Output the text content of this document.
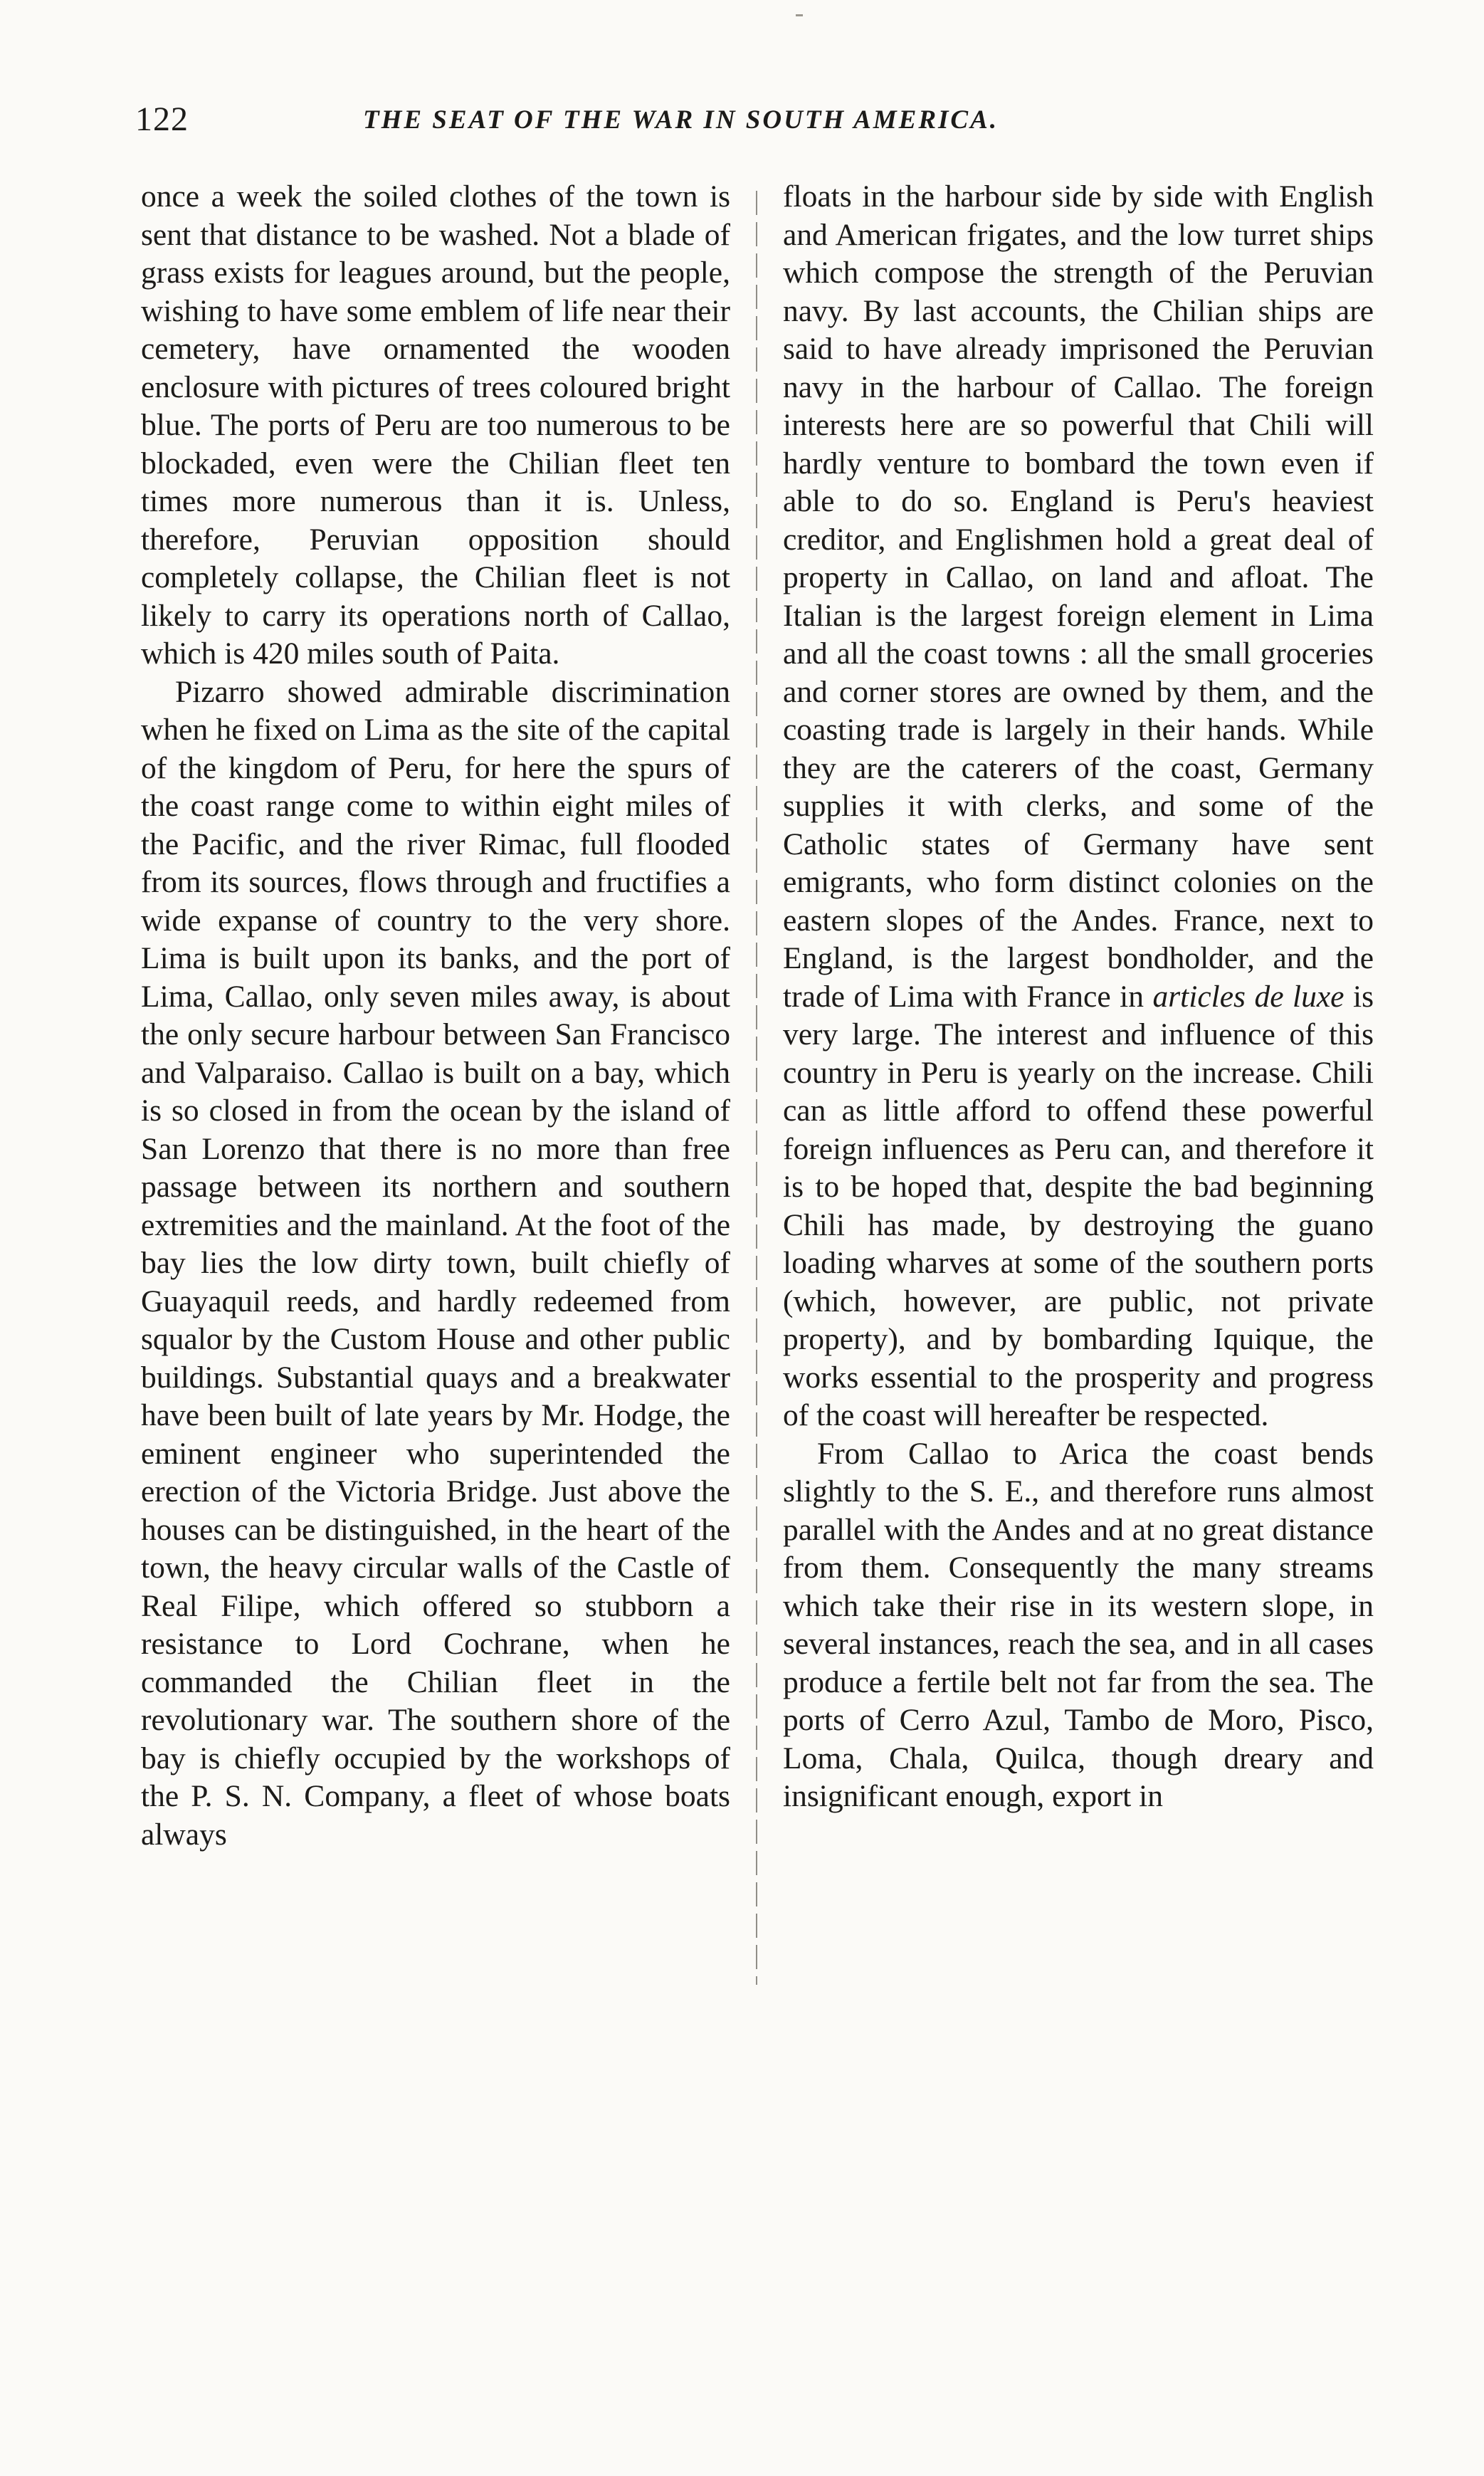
122	THE SEAT OF THE WAR IN SOUTH AMERICA.

once a week the soiled clothes of the town is sent that distance to be washed. Not a blade of grass exists for leagues around, but the people, wishing to have some emblem of life near their cemetery, have ornamented the wooden enclosure with pictures of trees coloured bright blue. The ports of Peru are too numerous to be blockaded, even were the Chilian fleet ten times more numerous than it is. Unless, therefore, Peruvian opposition should completely collapse, the Chilian fleet is not likely to carry its operations north of Callao, which is 420 miles south of Paita.

Pizarro showed admirable discrimination when he fixed on Lima as the site of the capital of the kingdom of Peru, for here the spurs of the coast range come to within eight miles of the Pacific, and the river Rimac, full flooded from its sources, flows through and fructifies a wide expanse of country to the very shore. Lima is built upon its banks, and the port of Lima, Callao, only seven miles away, is about the only secure harbour between San Francisco and Valparaiso. Callao is built on a bay, which is so closed in from the ocean by the island of San Lorenzo that there is no more than free passage between its northern and southern extremities and the mainland. At the foot of the bay lies the low dirty town, built chiefly of Guayaquil reeds, and hardly redeemed from squalor by the Custom House and other public buildings. Substantial quays and a breakwater have been built of late years by Mr. Hodge, the eminent engineer who superintended the erection of the Victoria Bridge. Just above the houses can be distinguished, in the heart of the town, the heavy circular walls of the Castle of Real Filipe, which offered so stubborn a resistance to Lord Cochrane, when he commanded the Chilian fleet in the revolutionary war. The southern shore of the bay is chiefly occupied by the workshops of the P. S. N. Company, a fleet of whose boats always

floats in the harbour side by side with English and American frigates, and the low turret ships which compose the strength of the Peruvian navy. By last accounts, the Chilian ships are said to have already imprisoned the Peruvian navy in the harbour of Callao. The foreign interests here are so powerful that Chili will hardly venture to bombard the town even if able to do so. England is Peru's heaviest creditor, and Englishmen hold a great deal of property in Callao, on land and afloat. The Italian is the largest foreign element in Lima and all the coast towns : all the small groceries and corner stores are owned by them, and the coasting trade is largely in their hands. While they are the caterers of the coast, Germany supplies it with clerks, and some of the Catholic states of Germany have sent emigrants, who form distinct colonies on the eastern slopes of the Andes. France, next to England, is the largest bondholder, and the trade of Lima with France in articles de luxe is very large. The interest and influence of this country in Peru is yearly on the increase. Chili can as little afford to offend these powerful foreign influences as Peru can, and therefore it is to be hoped that, despite the bad beginning Chili has made, by destroying the guano loading wharves at some of the southern ports (which, however, are public, not private property), and by bombarding Iquique, the works essential to the prosperity and progress of the coast will hereafter be respected.

From Callao to Arica the coast bends slightly to the S. E., and therefore runs almost parallel with the Andes and at no great distance from them. Consequently the many streams which take their rise in its western slope, in several instances, reach the sea, and in all cases produce a fertile belt not far from the sea. The ports of Cerro Azul, Tambo de Moro, Pisco, Loma, Chala, Quilca, though dreary and insignificant enough, export in
